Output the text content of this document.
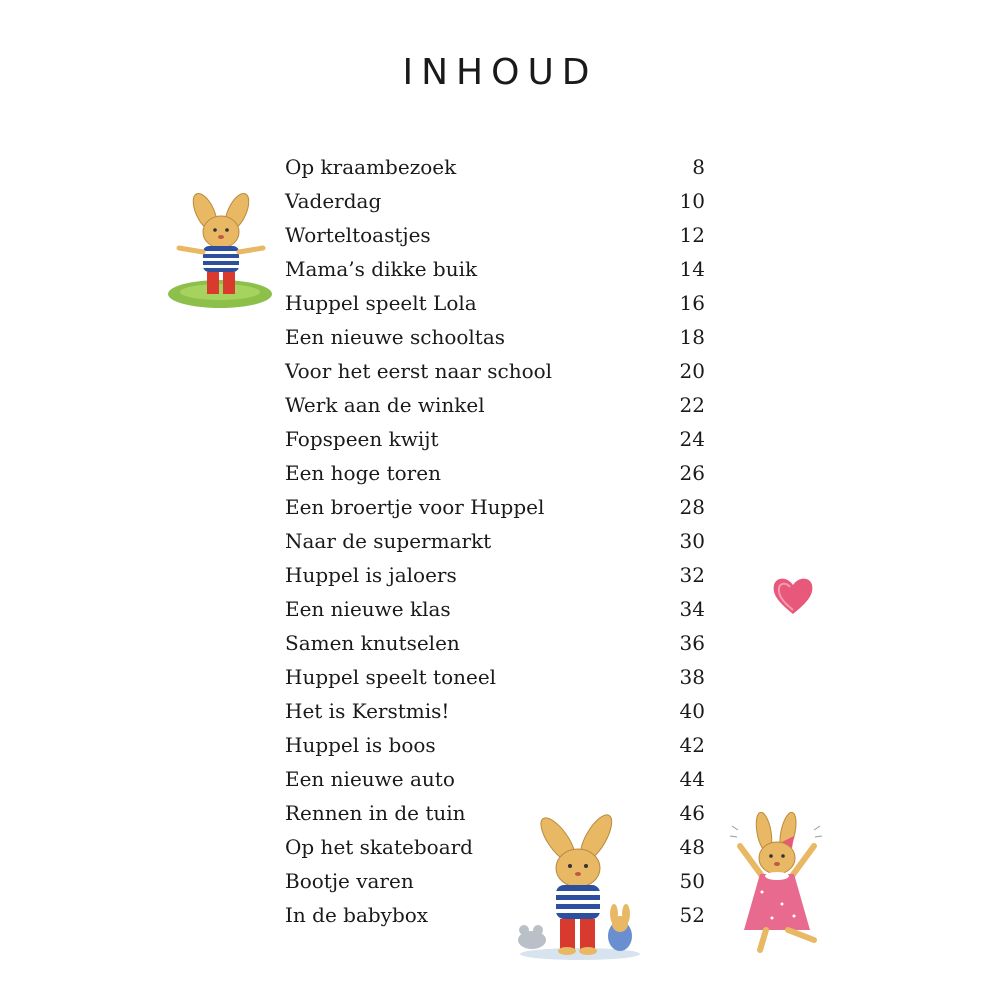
INHOUD
Op kraambezoek	8
Vaderdag	10
Worteltoastjes	12
Mama’s dikke buik	14
Huppel speelt Lola	16
Een nieuwe schooltas	18
Voor het eerst naar school	20
Werk aan de winkel	22
Fopspeen kwijt	24
Een hoge toren	26
Een broertje voor Huppel	28
Naar de supermarkt	30
Huppel is jaloers	32
Een nieuwe klas	34
Samen knutselen	36
Huppel speelt toneel	38
Het is Kerstmis!	40
Huppel is boos	42
Een nieuwe auto	44
Rennen in de tuin	46
Op het skateboard	48
Bootje varen	50
In de babybox	52
